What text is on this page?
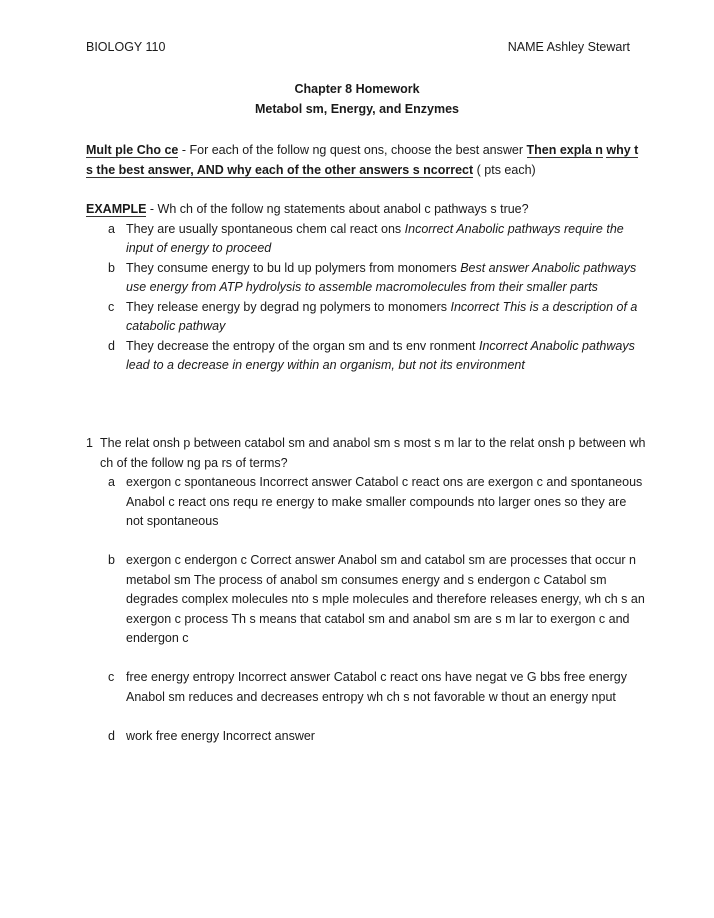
BIOLOGY 110	NAME Ashley Stewart
Chapter 8 Homework
Metabol sm, Energy, and Enzymes
Mult ple Cho ce - For each of the follow ng quest ons, choose the best answer Then expla n why t s the best answer, AND why each of the other answers s ncorrect ( pts each)
EXAMPLE - Wh ch of the follow ng statements about anabol c pathways s true?
a They are usually spontaneous chem cal react ons Incorrect Anabolic pathways require the input of energy to proceed
b They consume energy to bu ld up polymers from monomers Best answer Anabolic pathways use energy from ATP hydrolysis to assemble macromolecules from their smaller parts
c They release energy by degrad ng polymers to monomers Incorrect This is a description of a catabolic pathway
d They decrease the entropy of the organ sm and ts env ronment Incorrect Anabolic pathways lead to a decrease in energy within an organism, but not its environment
1 The relat onsh p between catabol sm and anabol sm s most s m lar to the relat onsh p between wh ch of the follow ng pa rs of terms?
a exergon c spontaneous Incorrect answer Catabol c react ons are exergon c and spontaneous Anabol c react ons requ re energy to make smaller compounds nto larger ones so they are not spontaneous
b exergon c endergon c Correct answer Anabol sm and catabol sm are processes that occur n metabol sm The process of anabol sm consumes energy and s endergon c Catabol sm degrades complex molecules nto s mple molecules and therefore releases energy, wh ch s an exergon c process Th s means that catabol sm and anabol sm are s m lar to exergon c and endergon c
c free energy entropy Incorrect answer Catabol c react ons have negat ve G bbs free energy Anabol sm reduces and decreases entropy wh ch s not favorable w thout an energy nput
d work free energy Incorrect answer
